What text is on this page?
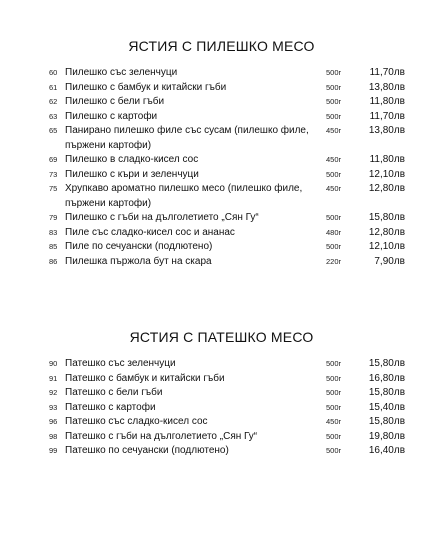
ЯСТИЯ С ПИЛЕШКО МЕСО
60 Пилешко със зеленчуци	500г	11,70лв
61 Пилешко с бамбук и китайски гъби	500г	13,80лв
62 Пилешко с бели гъби	500г	11,80лв
63 Пилешко с картофи	500г	11,70лв
65 Панирано пилешко филе със сусам (пилешко филе, пържени картофи)
450г	13,80лв
69 Пилешко в сладко-кисел сос	450г	11,80лв
73 Пилешко с къри и зеленчуци	500г	12,10лв
75 Хрупкаво ароматно пилешко месо (пилешко филе, пържени картофи)
450г	12,80лв
79 Пилешко с гъби на дълголетието „Сян Гу“	500г	15,80лв
83 Пиле със сладко-кисел сос и ананас	480г	12,80лв
85 Пиле по сечуански (подлютено)	500г	12,10лв
86 Пилешка пържола бут на скара	220г	7,90лв
ЯСТИЯ С ПАТЕШКО МЕСО
90 Патешко със зеленчуци	500г	15,80лв
91 Патешко с бамбук и китайски гъби	500г	16,80лв
92 Патешко с бели гъби	500г	15,80лв
93 Патешко с картофи	500г	15,40лв
96 Патешко със сладко-кисел сос	450г	15,80лв
98 Патешко с гъби на дълголетието „Сян Гу“	500г	19,80лв
99 Патешко по сечуански (подлютено)	500г	16,40лв
